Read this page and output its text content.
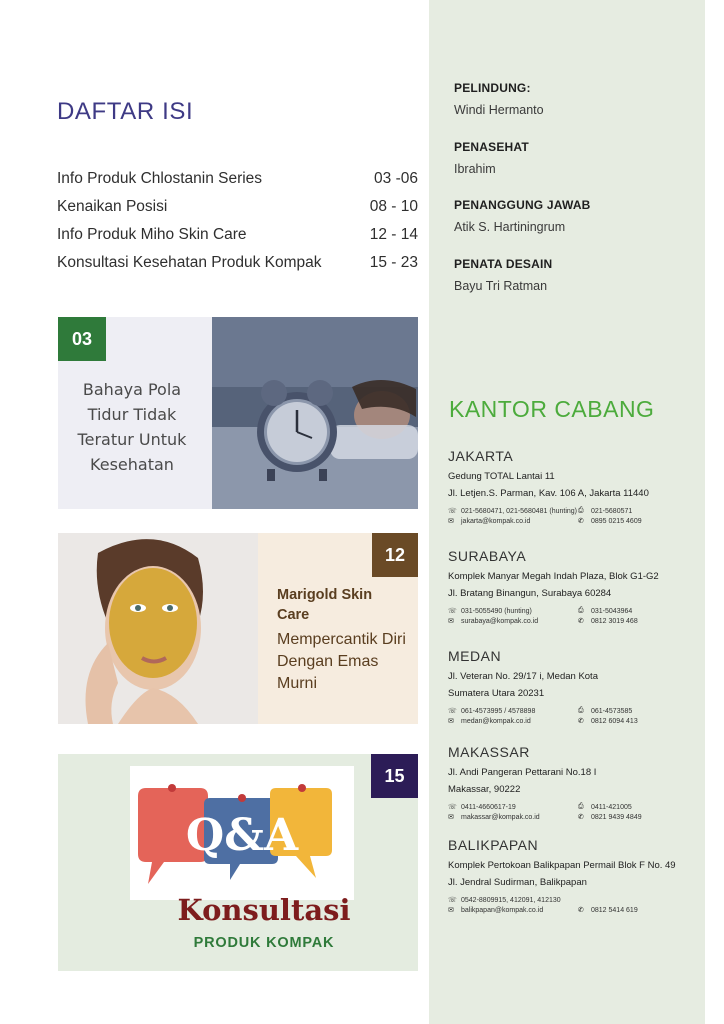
PELINDUNG:
Windi Hermanto
PENASEHAT
Ibrahim
PENANGGUNG JAWAB
Atik S. Hartiningrum
PENATA DESAIN
Bayu Tri Ratman
KANTOR CABANG
JAKARTA
Gedung TOTAL Lantai 11
Jl. Letjen.S. Parman, Kav. 106 A, Jakarta 11440
☏ 021-5680471, 021-5680481 (hunting) ⎙	021-5680571
✉	jakarta@kompak.co.id	✆	0895 0215 4609
SURABAYA
Komplek Manyar Megah Indah Plaza, Blok G1-G2
Jl. Bratang Binangun, Surabaya 60284
☏ 031-5055490 (hunting)	⎙	031-5043964
✉	surabaya@kompak.co.id	✆	0812 3019 468
MEDAN
Jl. Veteran No. 29/17 i, Medan Kota
Sumatera Utara 20231
☏ 061-4573995 / 4578898	⎙	061-4573585
✉	medan@kompak.co.id	✆	0812 6094 413
MAKASSAR
Jl. Andi Pangeran Pettarani No.18 I
Makassar, 90222
☏ 0411-4660617-19	⎙	0411-421005
✉	makassar@kompak.co.id	✆	0821 9439 4849
BALIKPAPAN
Komplek Pertokoan Balikpapan Permail Blok F No. 49
Jl. Jendral Sudirman, Balikpapan
☏ 0542-8809915, 412091, 412130
✉	balikpapan@kompak.co.id	✆	0812 5414 619
DAFTAR ISI
Info Produk Chlostanin Series	03 -06
Kenaikan Posisi	08 - 10
Info Produk Miho Skin Care	12 - 14
Konsultasi Kesehatan Produk Kompak	15 - 23
03
Bahaya Pola Tidur Tidak Teratur Untuk Kesehatan
12
Marigold Skin Care
Mempercantik Diri Dengan Emas Murni
Q&A
15
Konsultasi
PRODUK KOMPAK
